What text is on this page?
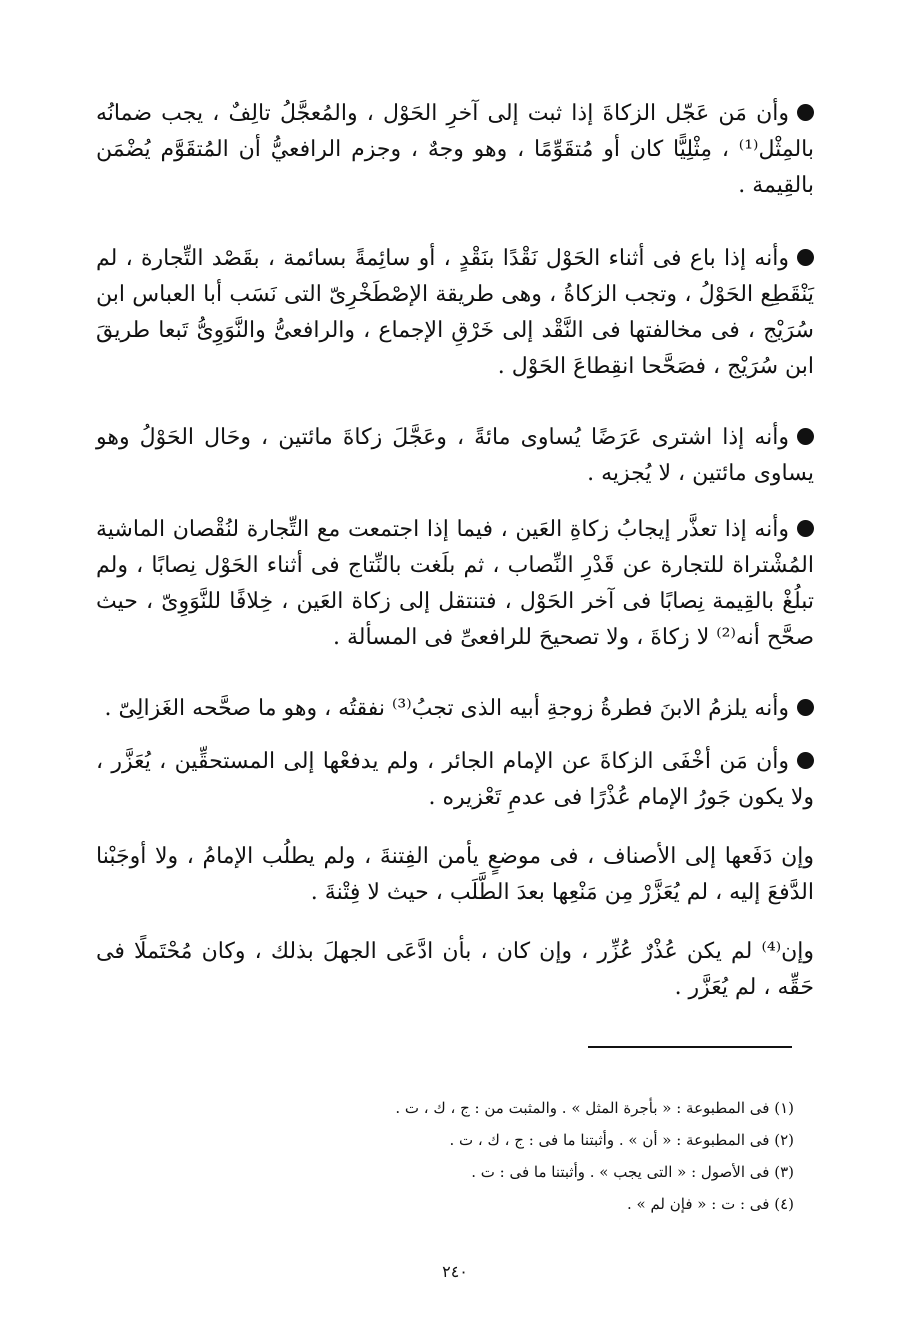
وأن مَن عَجّل الزكاةَ إذا ثبت إلى آخرِ الحَوْل ، والمُعجَّلُ تالِفٌ ، يجب ضمانُه بالمِثْل⁽¹⁾ ، مِثْلِيًّا كان أو مُتقَوِّمًا ، وهو وجهٌ ، وجزم الرافعيُّ أن المُتقَوَّم يُضْمَن بالقِيمة .

وأنه إذا باع فى أثناء الحَوْل نَقْدًا بنَقْدٍ ، أو سائِمةً بسائمة ، بقَصْد التِّجارة ، لم يَنْقَطِع الحَوْلُ ، وتجب الزكاةُ ، وهى طريقة الإصْطَخْرِىّ التى نَسَب أبا العباس ابن سُرَيْج ، فى مخالفتها فى النَّقْد إلى خَرْقِ الإجماع ، والرافعىُّ والنَّوَوِىُّ تَبعا طريقَ ابن سُرَيْج ، فصَحَّحا انقِطاعَ الحَوْل .

وأنه إذا اشترى عَرَضًا يُساوى مائةً ، وعَجَّلَ زكاةَ مائتين ، وحَال الحَوْلُ وهو يساوى مائتين ، لا يُجزيه .

وأنه إذا تعذَّر إيجابُ زكاةِ العَين ، فيما إذا اجتمعت مع التِّجارة لنُقْصان الماشية المُشْتراة للتجارة عن قَدْرِ النِّصاب ، ثم بلَغت بالنِّتاج فى أثناء الحَوْل نِصابًا ، ولم تبلُغْ بالقِيمة نِصابًا فى آخر الحَوْل ، فتنتقل إلى زكاة العَين ، خِلافًا للنَّوَوِىّ ، حيث صحَّح أنه⁽²⁾ لا زكاةَ ، ولا تصحيحَ للرافعىِّ فى المسألة .

وأنه يلزمُ الابنَ فطرةُ زوجةِ أبيه الذى تجبُ⁽³⁾ نفقتُه ، وهو ما صحَّحه الغَزالِىّ .

وأن مَن أخْفَى الزكاةَ عن الإمام الجائر ، ولم يدفعْها إلى المستحقِّين ، يُعَزَّر ، ولا يكون جَورُ الإمام عُذْرًا فى عدمِ تَعْزيره .

وإن دَفَعها إلى الأصناف ، فى موضعٍ يأمن الفِتنةَ ، ولم يطلُب الإمامُ ، ولا أوجَبْنا الدَّفعَ إليه ، لم يُعَزَّرْ مِن مَنْعِها بعدَ الطَّلَب ، حيث لا فِتْنةَ .

وإن⁽⁴⁾ لم يكن عُذْرٌ عُزِّر ، وإن كان ، بأن ادَّعَى الجهلَ بذلك ، وكان مُحْتَملًا فى حَقِّه ، لم يُعَزَّر .

(١) فى المطبوعة : « بأجرة المثل » . والمثبت من : ج ، ك ، ت .
(٢) فى المطبوعة : « أن » . وأثبتنا ما فى : ج ، ك ، ت .
(٣) فى الأصول : « التى يجب » . وأثبتنا ما فى : ت .
(٤) فى : ت : « فإن لم » .
٢٤٠
